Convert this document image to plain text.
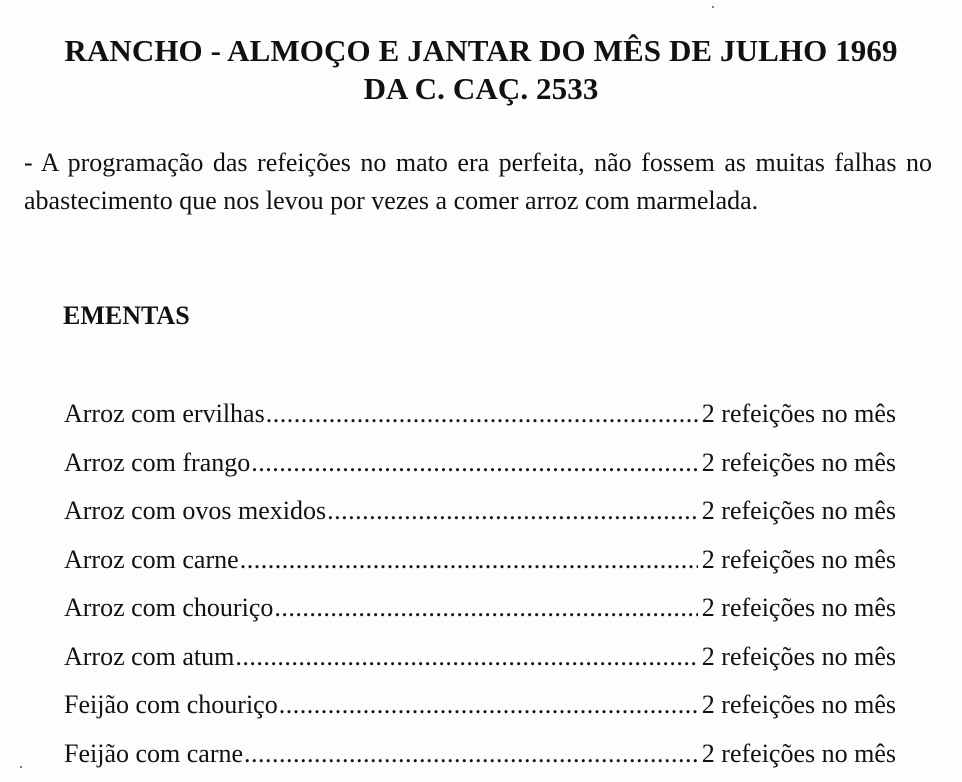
RANCHO - ALMOÇO E JANTAR DO MÊS DE JULHO 1969
DA C. CAÇ. 2533

- A programação das refeições no mato era perfeita, não fossem as muitas falhas no abastecimento que nos levou por vezes a comer arroz com marmelada.

EMENTAS
Arroz com ervilhas .....	2 refeições no mês
Arroz com frango .....	2 refeições no mês
Arroz com ovos mexidos .....	2 refeições no mês
Arroz com carne .....	2 refeições no mês
Arroz com chouriço .....	2 refeições no mês
Arroz com atum .....	2 refeições no mês
Feijão com chouriço .....	2 refeições no mês
Feijão com carne .....	2 refeições no mês
